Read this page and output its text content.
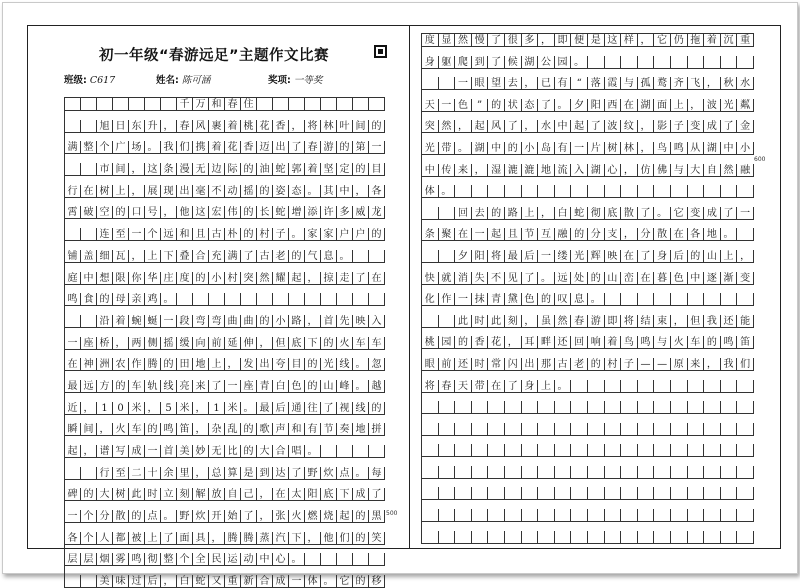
初一年级“春游远足”主题作文比赛
班级: C617	姓名: 陈可涵	奖项: 一等奖
千 万 和 春 住
旭 日 东 升 ， 春 风 裹 着 桃 花 香 ， 将 林 叶 间 的
满 整 个 广 场 。 我 们 携 着 花 香 迈 出 了 春 游 的 第 一
市 间 ， 这 条 漫 无 边 际 的 油 蛇 郭 着 坚 定 的 目
行 在 树 上 ， 展 现 出 毫 不 动 摇 的 姿 态 。 其 中 ， 各
霄 破 空 的 口 号 ， 他 这 宏 伟 的 长 蛇 增 添 许 多 威 龙
连 至 一 个 远 和 且 古 朴 的 村 子 。 家 家 户 户 的
铺 盖 细 瓦 ， 上 下 叠 合 充 满 了 古 老 的 气 息 。
庭 中 想 限 你 华 庄 度 的 小 村 突 然 耀 起 ， 掠 走 了 在
鸣 食 的 母 亲 鸡 。
沿 着 蜿 蜒 一 段 弯 弯 曲 曲 的 小 路 ， 首 先 映 入
一 座 桥 ， 两 侧 摇 缓 向 前 延 伸 ， 但 底 下 的 火 车 车
在 神 洲 农 作 腾 的 田 地 上 ， 发 出 夸 目 的 光 线 。 忽
最 远 方 的 车 轨 线 亮 来 了 一 座 青 白 色 的 山 峰 。 越
近 ， 1 0 米 ， 5 米 ， 1 米 。 最 后 通 往 了 视 线 的
瞬 间 ， 火 车 的 鸣 笛 ， 杂 乱 的 歌 声 和 有 节 奏 地 拼
起 ， 谱 写 成 一 首 美 妙 无 比 的 大 合 唱 。
行 至 二 十 余 里 ， 总 算 是 到 达 了 野 炊 点 。 每
碑 的 大 树 此 时 立 刻 解 放 自 己 ， 在 太 阳 底 下 成 了
一 个 分 散 的 点 。 野 炊 开 始 了 ， 张 火 燃 烧 起 的 黑
各 个 人 都 被 上 了 面 具 ， 腾 腾 蒸 汽 下 ， 他 们 的 笑
层 层 烟 雾 鸣 彻 整 个 全 民 运 动 中 心 。
美 味 过 后 ， 白 蛇 又 重 新 合 成 一 体 。 它 的 移
度 显 然 慢 了 很 多 ， 即 便 是 这 样 ， 它 仍 拖 着 沉 重
身 躯 爬 到 了 候 湖 公 园 。
一 眼 望 去 ， 已 有 “ 落 霞 与 孤 鹜 齐 飞 ， 秋 水
天 一 色 ” 的 状 态 了 。 夕 阳 西 在 湖 面 上 ， 波 光 粼
突 然 ， 起 风 了 ， 水 中 起 了 波 纹 ， 影 子 变 成 了 金
光 带 。 湖 中 的 小 岛 有 一 片 树 林 ， 鸟 鸣 从 湖 中 小
中 传 来 ， 湿 漉 漉 地 流 入 湖 心 ， 仿 佛 与 大 自 然 融
体 。
回 去 的 路 上 ， 白 蛇 彻 底 散 了 。 它 变 成 了 一
条 聚 在 一 起 且 节 互 融 的 分 支 ， 分 散 在 各 地 。
夕 阳 将 最 后 一 缕 光 辉 映 在 了 身 后 的 山 上 ，
快 就 消 失 不 见 了 。 远 处 的 山 峦 在 暮 色 中 逐 渐 变
化 作 一 抹 青 黛 色 的 叹 息 。
此 时 此 刻 ， 虽 然 春 游 即 将 结 束 ， 但 我 还 能
桃 园 的 香 花 ， 耳 畔 还 回 响 着 鸟 鸣 与 火 车 的 鸣 笛
眼 前 还 时 常 闪 出 那 古 老 的 村 子 — — 原 来 ， 我 们
将 春 天 带 在 了 身 上 。
500
600
